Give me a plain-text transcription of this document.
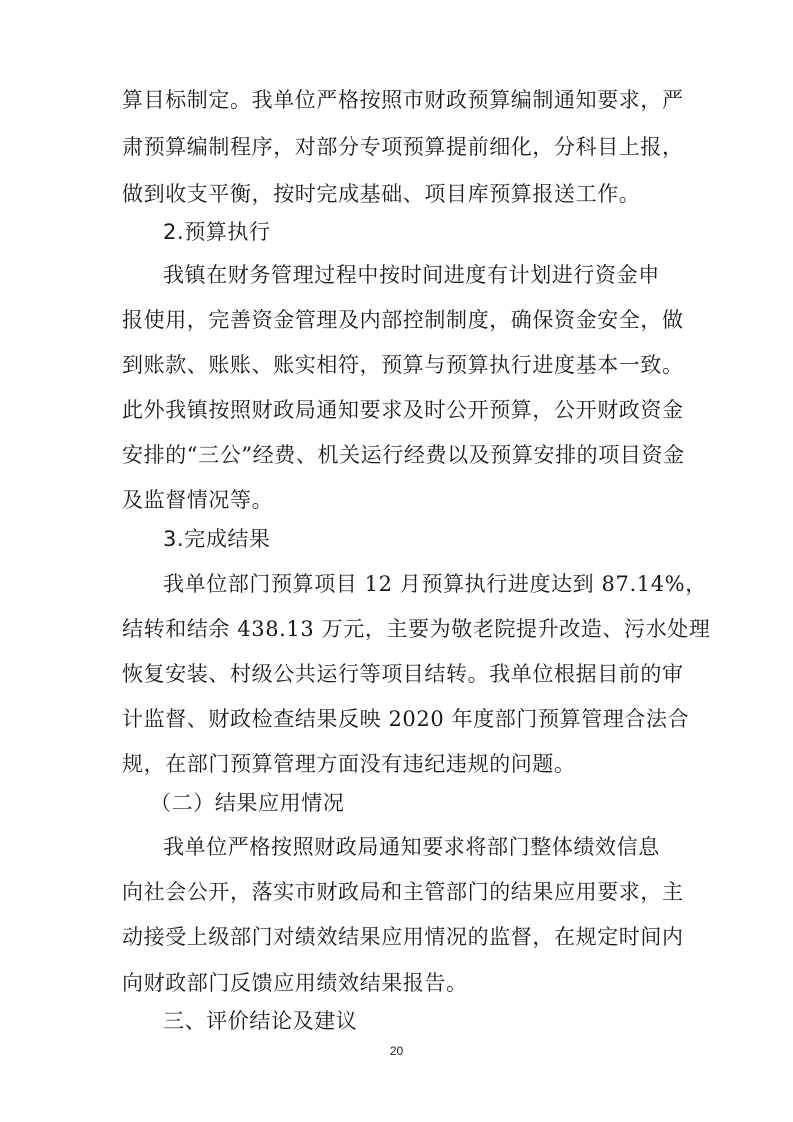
算目标制定。我单位严格按照市财政预算编制通知要求，严
肃预算编制程序，对部分专项预算提前细化，分科目上报，
做到收支平衡，按时完成基础、项目库预算报送工作。
2.预算执行
我镇在财务管理过程中按时间进度有计划进行资金申
报使用，完善资金管理及内部控制制度，确保资金安全，做
到账款、账账、账实相符，预算与预算执行进度基本一致。
此外我镇按照财政局通知要求及时公开预算，公开财政资金
安排的“三公”经费、机关运行经费以及预算安排的项目资金
及监督情况等。
3.完成结果
我单位部门预算项目 12 月预算执行进度达到 87.14%，
结转和结余 438.13 万元，主要为敬老院提升改造、污水处理
恢复安装、村级公共运行等项目结转。我单位根据目前的审
计监督、财政检查结果反映 2020 年度部门预算管理合法合
规，在部门预算管理方面没有违纪违规的问题。
（二）结果应用情况
我单位严格按照财政局通知要求将部门整体绩效信息
向社会公开，落实市财政局和主管部门的结果应用要求，主
动接受上级部门对绩效结果应用情况的监督，在规定时间内
向财政部门反馈应用绩效结果报告。
三、评价结论及建议
20
